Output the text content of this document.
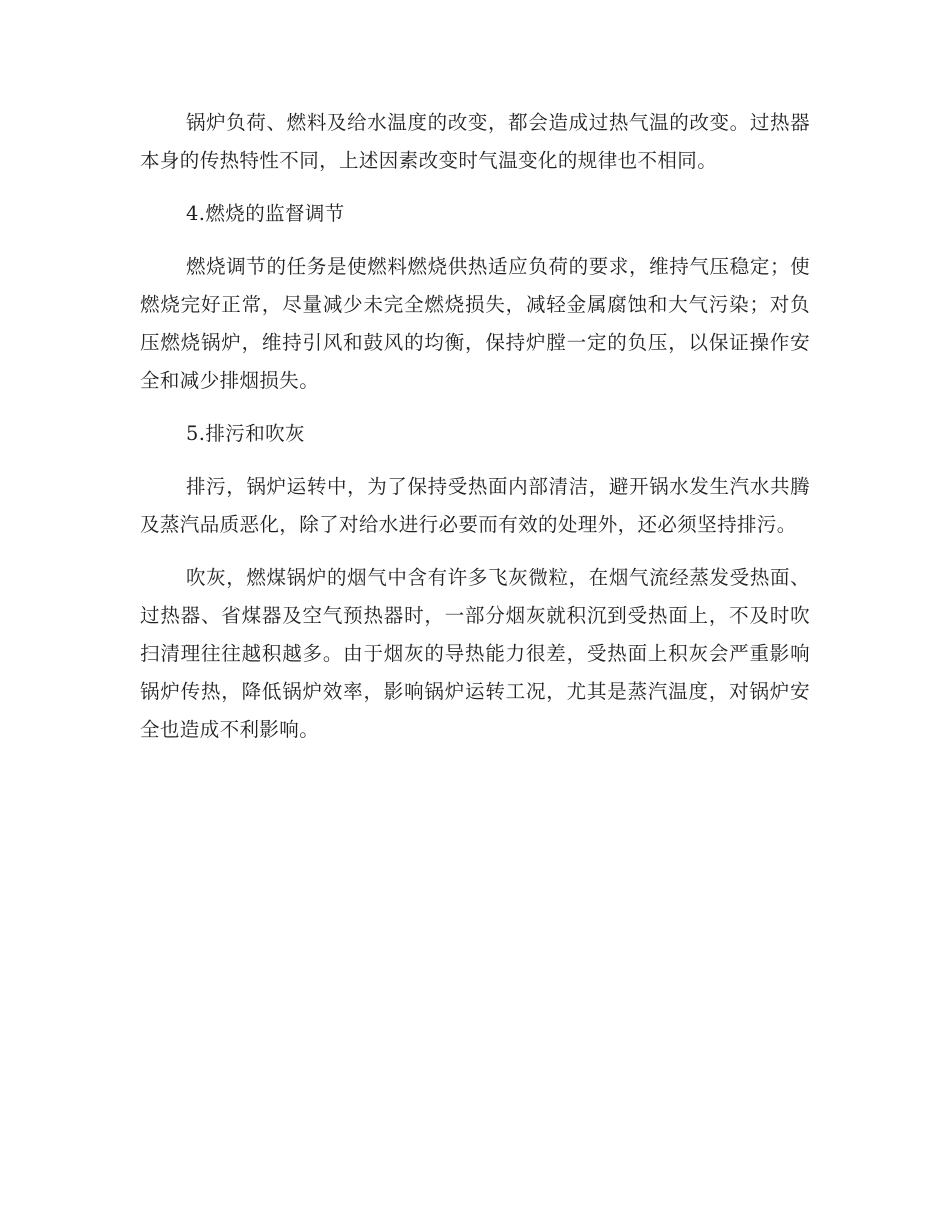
锅炉负荷、燃料及给水温度的改变，都会造成过热气温的改变。过热器本身的传热特性不同，上述因素改变时气温变化的规律也不相同。

4.燃烧的监督调节

燃烧调节的任务是使燃料燃烧供热适应负荷的要求，维持气压稳定；使燃烧完好正常，尽量减少未完全燃烧损失，减轻金属腐蚀和大气污染；对负压燃烧锅炉，维持引风和鼓风的均衡，保持炉膛一定的负压，以保证操作安全和减少排烟损失。

5.排污和吹灰

排污，锅炉运转中，为了保持受热面内部清洁，避开锅水发生汽水共腾及蒸汽品质恶化，除了对给水进行必要而有效的处理外，还必须坚持排污。

吹灰，燃煤锅炉的烟气中含有许多飞灰微粒，在烟气流经蒸发受热面、过热器、省煤器及空气预热器时，一部分烟灰就积沉到受热面上，不及时吹扫清理往往越积越多。由于烟灰的导热能力很差，受热面上积灰会严重影响锅炉传热，降低锅炉效率，影响锅炉运转工况，尤其是蒸汽温度，对锅炉安全也造成不利影响。
